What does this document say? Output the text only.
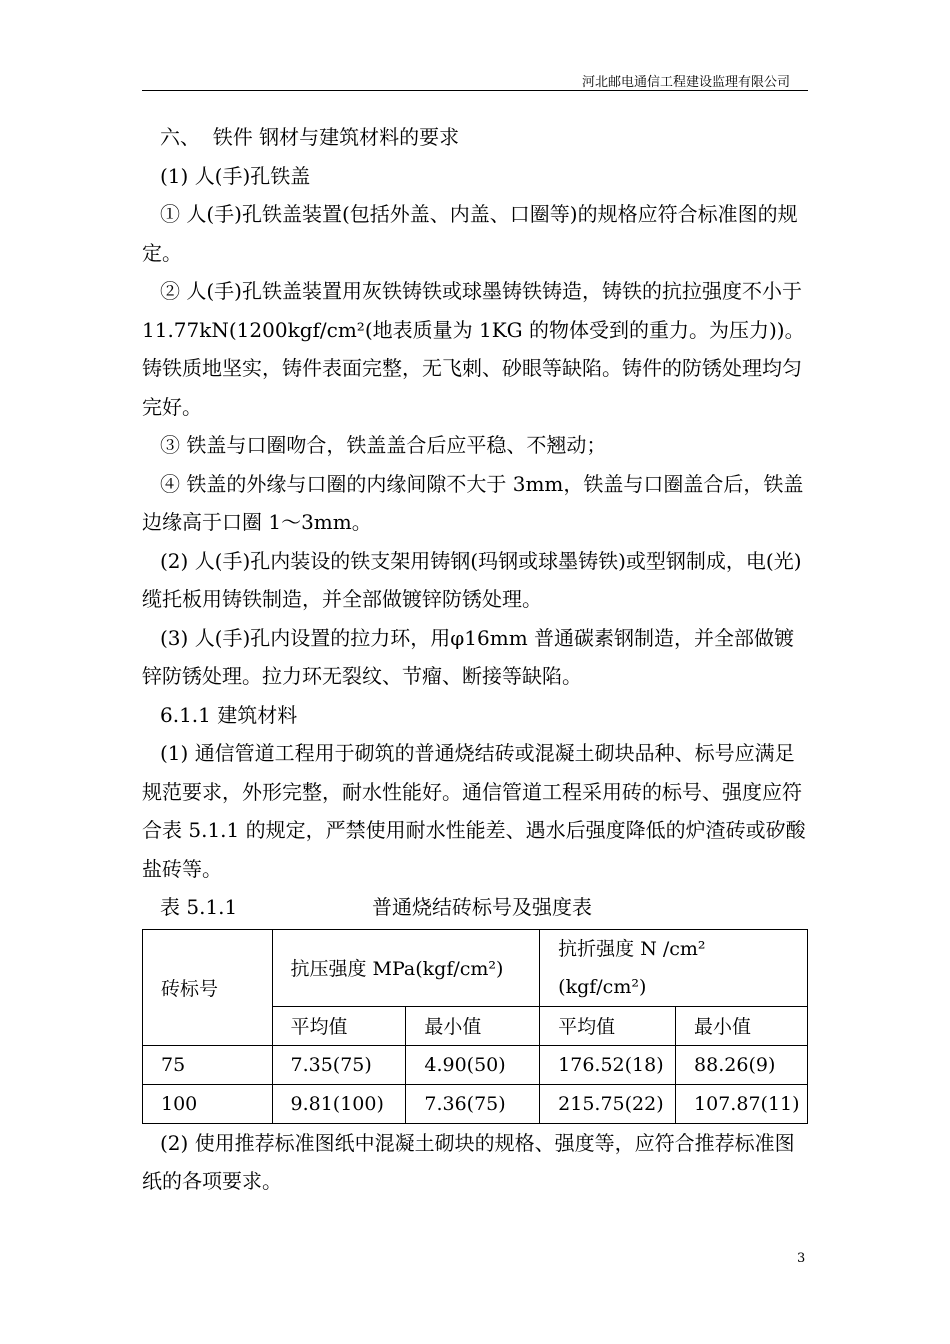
河北邮电通信工程建设监理有限公司

六、  铁件 钢材与建筑材料的要求

(1) 人(手)孔铁盖

① 人(手)孔铁盖装置(包括外盖、内盖、口圈等)的规格应符合标准图的规定。

② 人(手)孔铁盖装置用灰铁铸铁或球墨铸铁铸造，铸铁的抗拉强度不小于 11.77kN(1200kgf/cm²(地表质量为 1KG 的物体受到的重力。为压力))。铸铁质地坚实，铸件表面完整，无飞刺、砂眼等缺陷。铸件的防锈处理均匀完好。

③ 铁盖与口圈吻合，铁盖盖合后应平稳、不翘动；

④ 铁盖的外缘与口圈的内缘间隙不大于 3mm，铁盖与口圈盖合后，铁盖边缘高于口圈 1～3mm。

(2) 人(手)孔内装设的铁支架用铸钢(玛钢或球墨铸铁)或型钢制成，电(光)缆托板用铸铁制造，并全部做镀锌防锈处理。

(3) 人(手)孔内设置的拉力环，用φ16mm 普通碳素钢制造，并全部做镀锌防锈处理。拉力环无裂纹、节瘤、断接等缺陷。

6.1.1 建筑材料

(1) 通信管道工程用于砌筑的普通烧结砖或混凝土砌块品种、标号应满足规范要求，外形完整，耐水性能好。通信管道工程采用砖的标号、强度应符合表 5.1.1 的规定，严禁使用耐水性能差、遇水后强度降低的炉渣砖或矽酸盐砖等。

表 5.1.1	普通烧结砖标号及强度表
砖标号	抗压强度 MPa(kgf/cm²)		抗折强度 N /cm²
(kgf/cm²)	

	平均值	最小值	平均值	最小值
75	7.35(75)	4.90(50)	176.52(18)	88.26(9)
100	9.81(100)	7.36(75)	215.75(22)	107.87(11)

(2) 使用推荐标准图纸中混凝土砌块的规格、强度等，应符合推荐标准图纸的各项要求。

3
